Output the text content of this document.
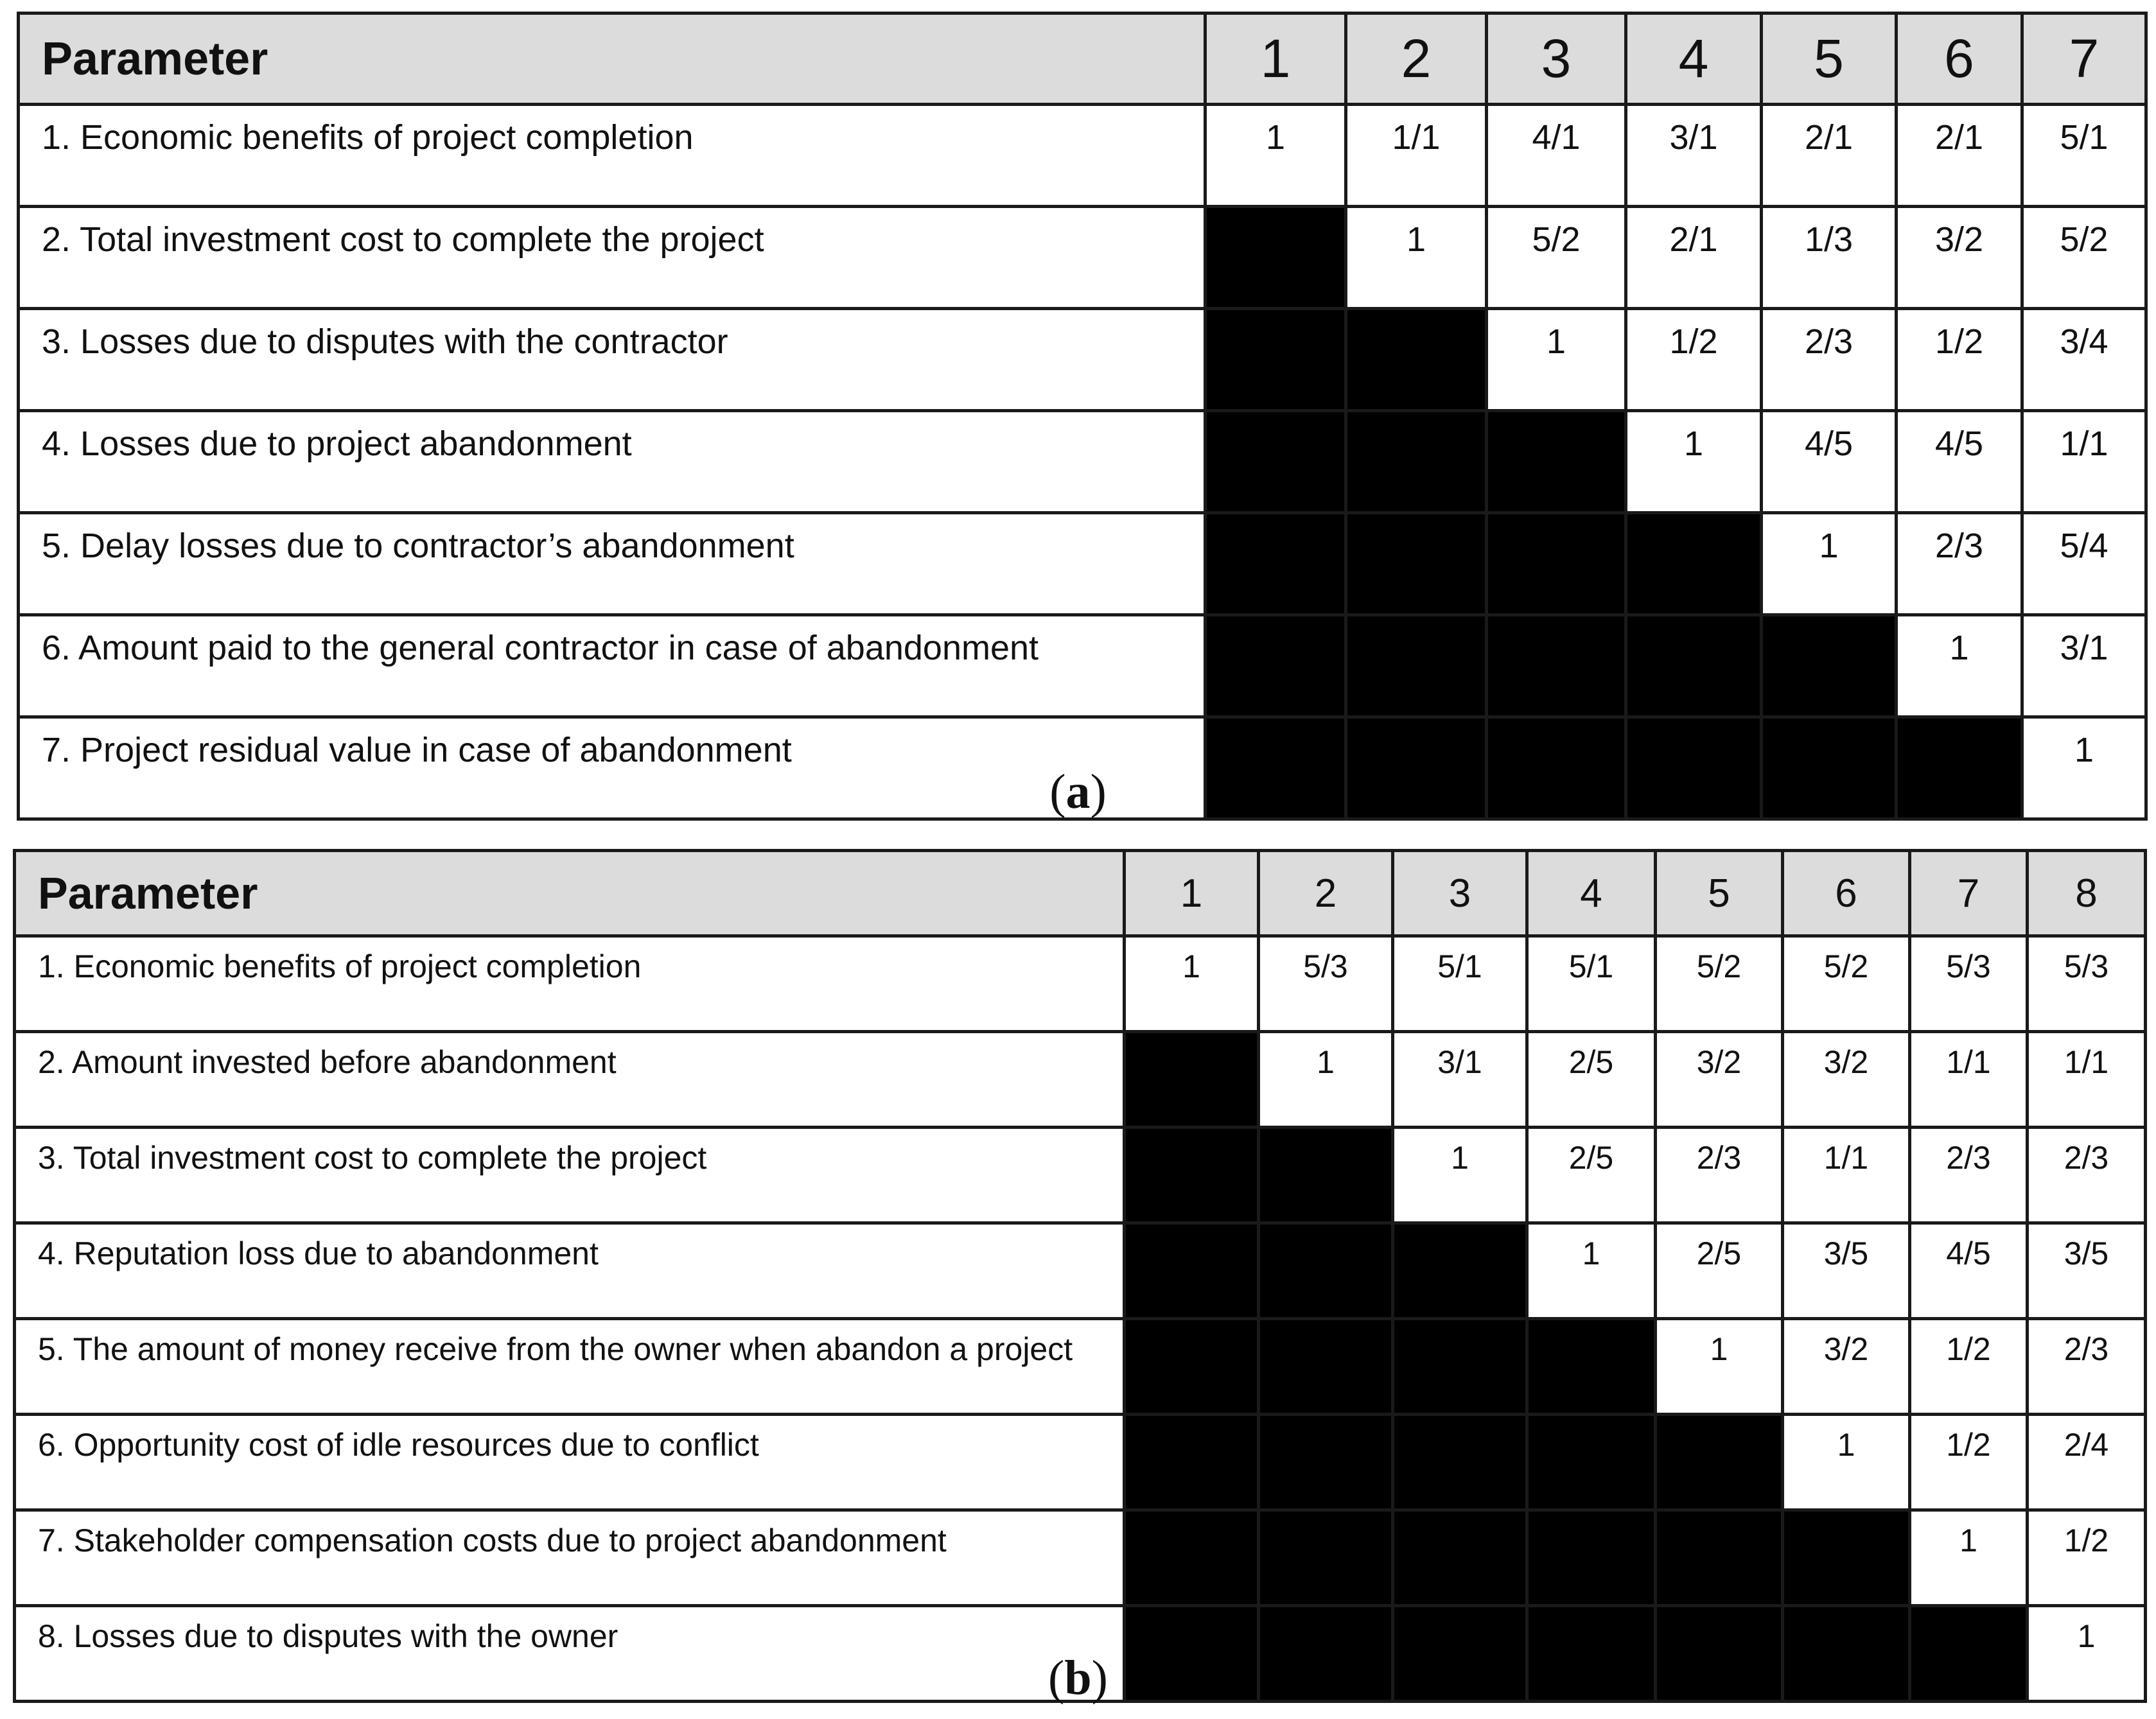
Parameter	1	2	3	4	5	6	7
1. Economic benefits of project completion	1	1/1	4/1	3/1	2/1	2/1	5/1
2. Total investment cost to complete the project		1	5/2	2/1	1/3	3/2	5/2
3. Losses due to disputes with the contractor			1	1/2	2/3	1/2	3/4
4. Losses due to project abandonment				1	4/5	4/5	1/1
5. Delay losses due to contractor’s abandonment					1	2/3	5/4
6. Amount paid to the general contractor in case of abandonment						1	3/1
7. Project residual value in case of abandonment							1
(a)
Parameter	1	2	3	4	5	6	7	8
1. Economic benefits of project completion	1	5/3	5/1	5/1	5/2	5/2	5/3	5/3
2. Amount invested before abandonment		1	3/1	2/5	3/2	3/2	1/1	1/1
3. Total investment cost to complete the project			1	2/5	2/3	1/1	2/3	2/3
4. Reputation loss due to abandonment				1	2/5	3/5	4/5	3/5
5. The amount of money receive from the owner when abandon a project					1	3/2	1/2	2/3
6. Opportunity cost of idle resources due to conflict						1	1/2	2/4
7. Stakeholder compensation costs due to project abandonment							1	1/2
8. Losses due to disputes with the owner								1
(b)
